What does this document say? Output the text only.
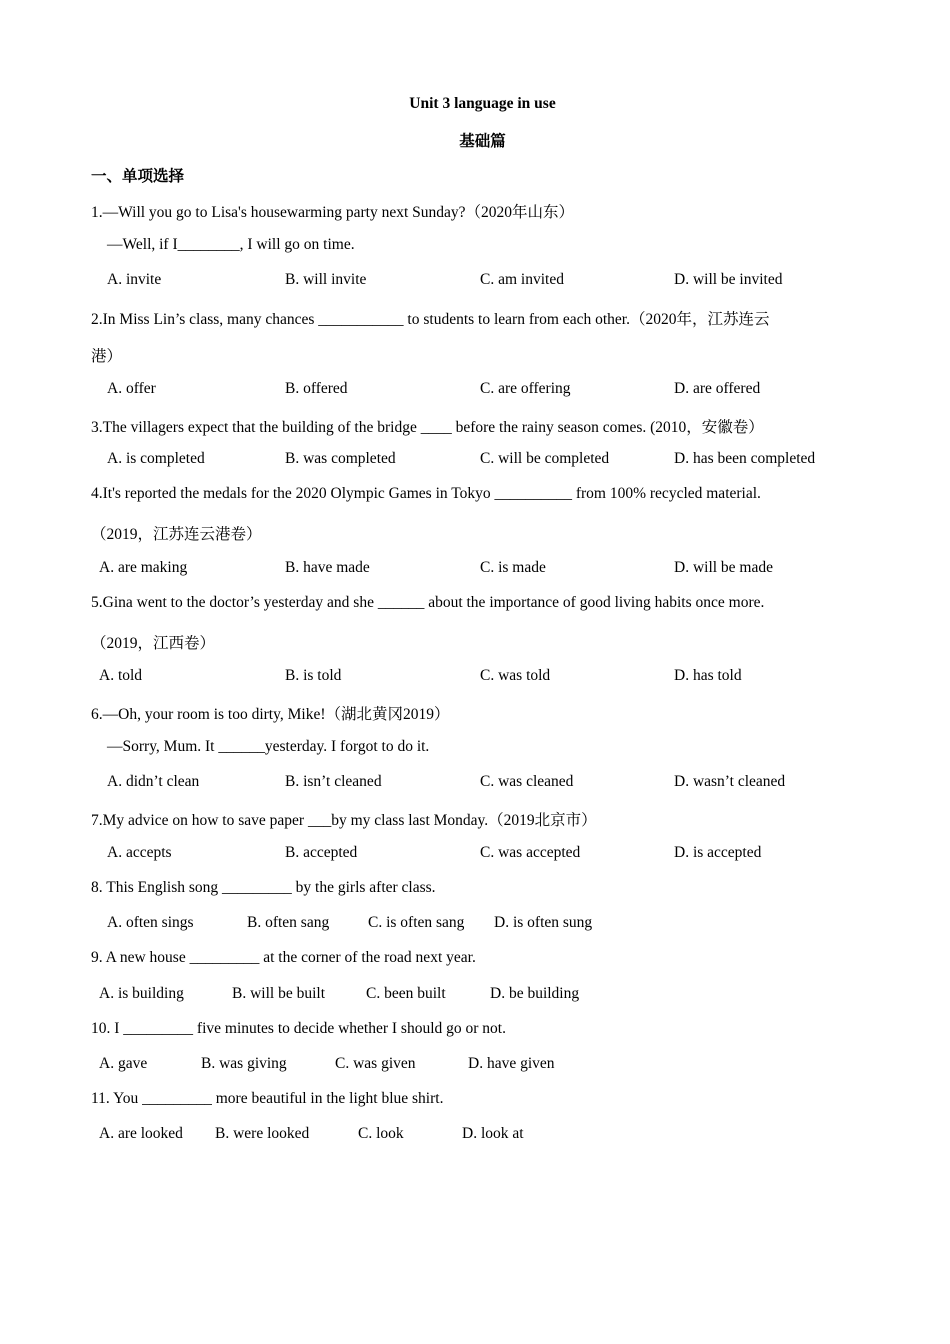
Unit 3 language in use
基础篇
一、单项选择
1.—Will you go to Lisa's housewarming party next Sunday?（2020年山东）
—Well, if I________, I will go on time.
A. invite	B. will invite	C. am invited	D. will be invited
2.In Miss Lin’s class, many chances ___________ to students to learn from each other.（2020年，江苏连云
港）
A. offer	B. offered	C. are offering	D. are offered
3.The villagers expect that the building of the bridge ____ before the rainy season comes. (2010，安徽卷）
A. is completed	B. was completed	C. will be completed	D. has been completed
4.It's reported the medals for the 2020 Olympic Games in Tokyo __________ from 100% recycled material.
（2019，江苏连云港卷）
A. are making	B. have made	C. is made	D. will be made
5.Gina went to the doctor’s yesterday and she ______ about the importance of good living habits once more.
（2019，江西卷）
A. told	B. is told	C. was told	D. has told
6.—Oh, your room is too dirty, Mike!（湖北黄冈2019）
—Sorry, Mum. It ______yesterday. I forgot to do it.
A. didn’t clean	B. isn’t cleaned	C. was cleaned	D. wasn’t cleaned
7.My advice on how to save paper ___by my class last Monday.（2019北京市）
A. accepts	B. accepted	C. was accepted	D. is accepted
8. This English song _________ by the girls after class.
A. often sings	B. often sang	C. is often sang D. is often sung
9. A new house _________ at the corner of the road next year.
A. is building	B. will be built	C. been built	D. be building
10. I _________ five minutes to decide whether I should go or not.
A. gave	B. was giving	C. was given	D. have given
11. You _________ more beautiful in the light blue shirt.
A. are looked B. were looked	C. look	D. look at
